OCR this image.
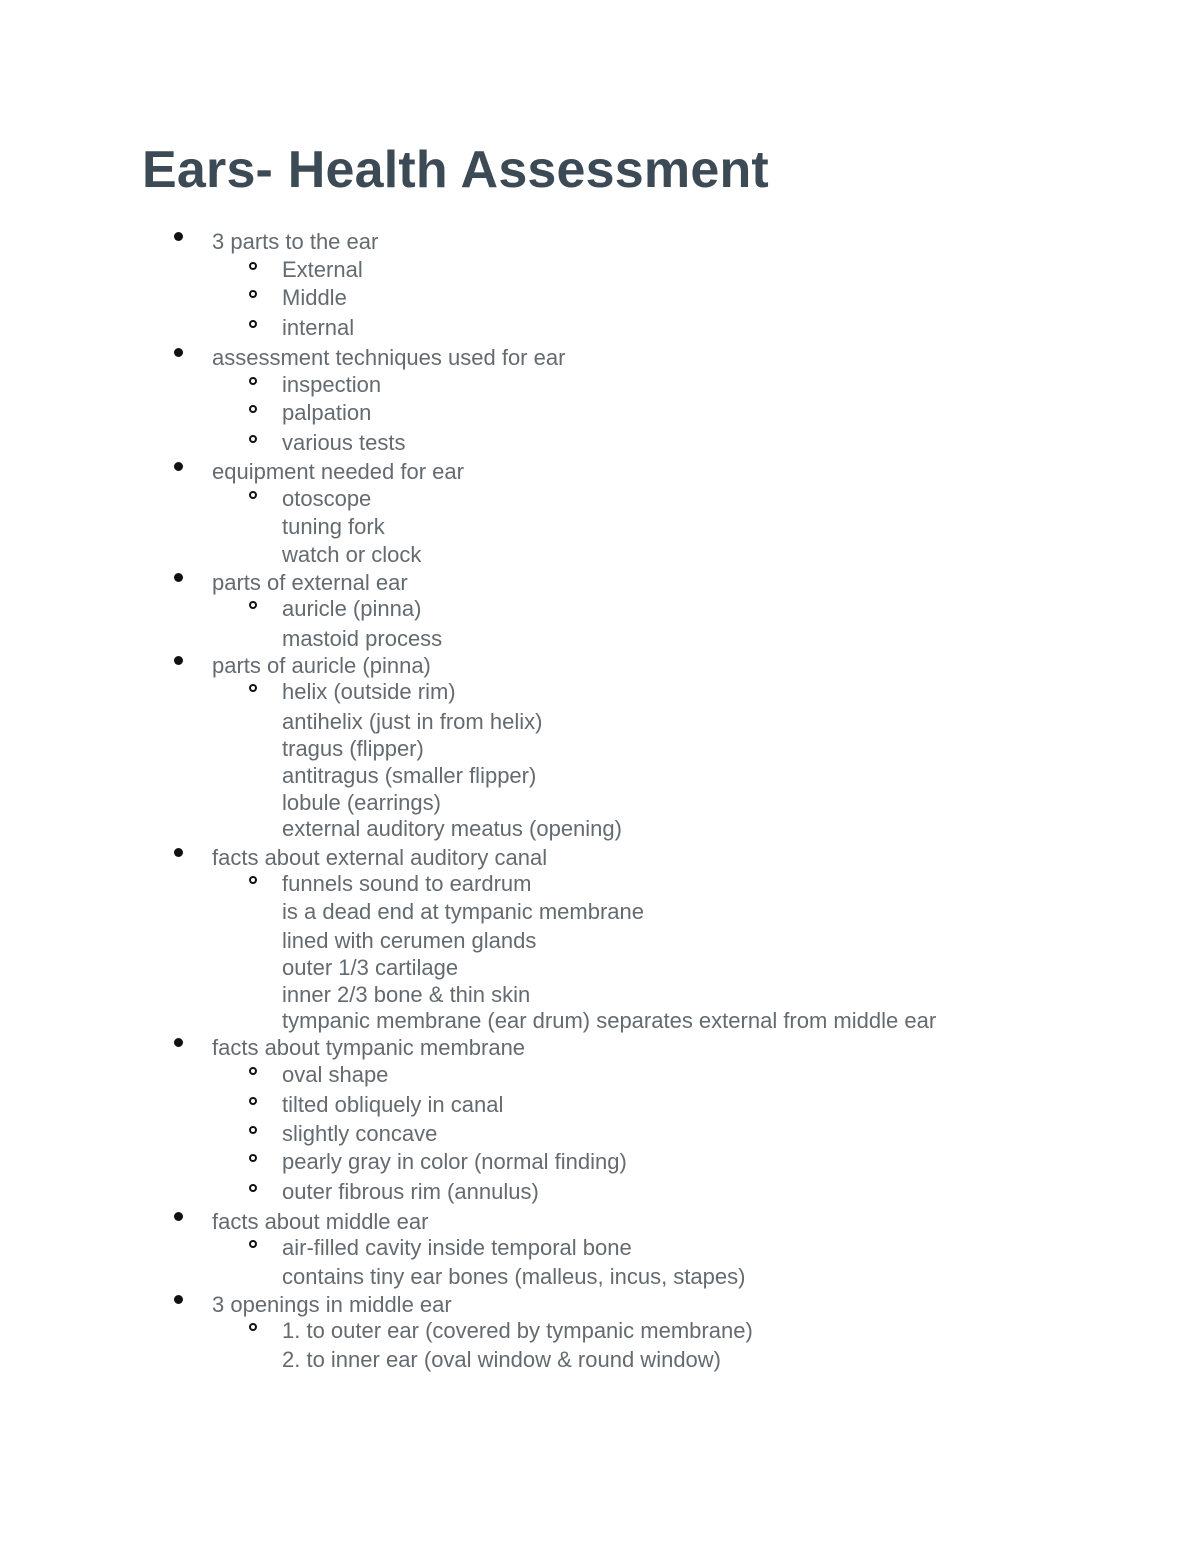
Ears- Health Assessment
3 parts to the ear
External
Middle
internal
assessment techniques used for ear
inspection
palpation
various tests
equipment needed for ear
otoscope
tuning fork
watch or clock
parts of external ear
auricle (pinna)
mastoid process
parts of auricle (pinna)
helix (outside rim)
antihelix (just in from helix)
tragus (flipper)
antitragus (smaller flipper)
lobule (earrings)
external auditory meatus (opening)
facts about external auditory canal
funnels sound to eardrum
is a dead end at tympanic membrane
lined with cerumen glands
outer 1/3 cartilage
inner 2/3 bone & thin skin
tympanic membrane (ear drum) separates external from middle ear
facts about tympanic membrane
oval shape
tilted obliquely in canal
slightly concave
pearly gray in color (normal finding)
outer fibrous rim (annulus)
facts about middle ear
air-filled cavity inside temporal bone
contains tiny ear bones (malleus, incus, stapes)
3 openings in middle ear
1. to outer ear (covered by tympanic membrane)
2. to inner ear (oval window & round window)
